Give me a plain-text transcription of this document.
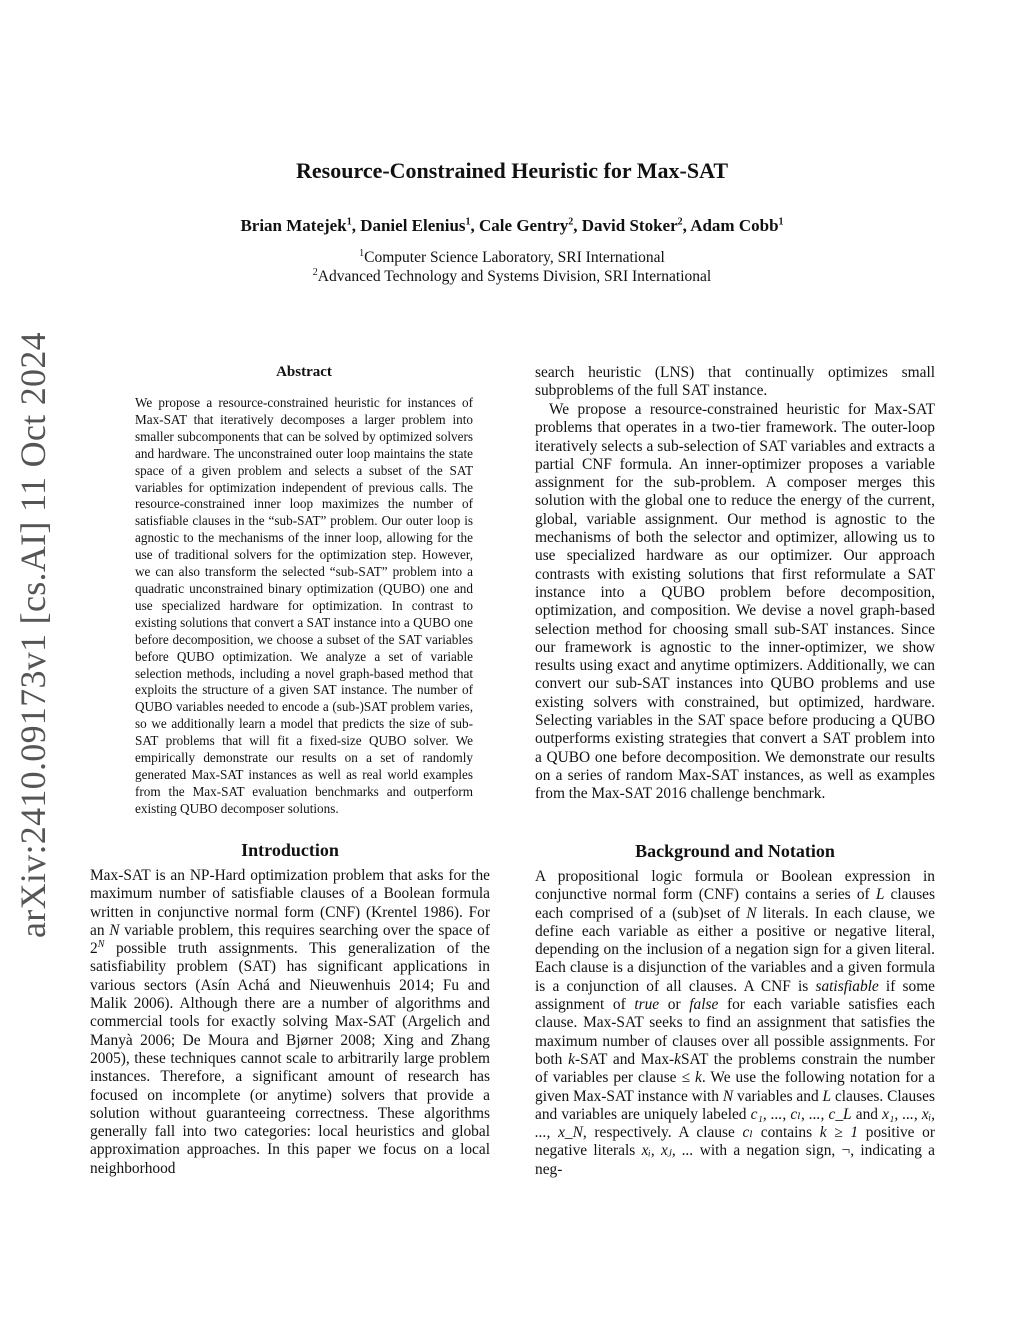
Resource-Constrained Heuristic for Max-SAT
Brian Matejek$^1$, Daniel Elenius$^1$, Cale Gentry$^2$, David Stoker$^2$, Adam Cobb$^1$
$^1$Computer Science Laboratory, SRI International
$^2$Advanced Technology and Systems Division, SRI International
arXiv:2410.09173v1 [cs.AI] 11 Oct 2024	Abstract

We propose a resource-constrained heuristic for instances of Max-SAT that iteratively decomposes a larger problem into smaller subcomponents that can be solved by optimized solvers and hardware. The unconstrained outer loop maintains the state space of a given problem and selects a subset of the SAT variables for optimization independent of previous calls. The resource-constrained inner loop maximizes the number of satisfiable clauses in the “sub-SAT” problem. Our outer loop is agnostic to the mechanisms of the inner loop, allowing for the use of traditional solvers for the optimization step. However, we can also transform the selected “sub-SAT” problem into a quadratic unconstrained binary optimization (QUBO) one and use specialized hardware for optimization. In contrast to existing solutions that convert a SAT instance into a QUBO one before decomposition, we choose a subset of the SAT variables before QUBO optimization. We analyze a set of variable selection methods, including a novel graph-based method that exploits the structure of a given SAT instance. The number of QUBO variables needed to encode a (sub-)SAT problem varies, so we additionally learn a model that predicts the size of sub-SAT problems that will fit a fixed-size QUBO solver. We empirically demonstrate our results on a set of randomly generated Max-SAT instances as well as real world examples from the Max-SAT evaluation benchmarks and outperform existing QUBO decomposer solutions.

Introduction

Max-SAT is an NP-Hard optimization problem that asks for the maximum number of satisfiable clauses of a Boolean formula written in conjunctive normal form (CNF) (Krentel 1986). For an N variable problem, this requires searching over the space of $2^N$ possible truth assignments. This generalization of the satisfiability problem (SAT) has significant applications in various sectors (Asín Achá and Nieuwenhuis 2014; Fu and Malik 2006). Although there are a number of algorithms and commercial tools for exactly solving Max-SAT (Argelich and Manyà 2006; De Moura and Bjørner 2008; Xing and Zhang 2005), these techniques cannot scale to arbitrarily large problem instances. Therefore, a significant amount of research has focused on incomplete (or anytime) solvers that provide a solution without guaranteeing correctness. These algorithms generally fall into two categories: local heuristics and global approximation approaches. In this paper we focus on a local neighborhood

search heuristic (LNS) that continually optimizes small subproblems of the full SAT instance.

We propose a resource-constrained heuristic for Max-SAT problems that operates in a two-tier framework. The outer-loop iteratively selects a sub-selection of SAT variables and extracts a partial CNF formula. An inner-optimizer proposes a variable assignment for the sub-problem. A composer merges this solution with the global one to reduce the energy of the current, global, variable assignment. Our method is agnostic to the mechanisms of both the selector and optimizer, allowing us to use specialized hardware as our optimizer. Our approach contrasts with existing solutions that first reformulate a SAT instance into a QUBO problem before decomposition, optimization, and composition. We devise a novel graph-based selection method for choosing small sub-SAT instances. Since our framework is agnostic to the inner-optimizer, we show results using exact and anytime optimizers. Additionally, we can convert our sub-SAT instances into QUBO problems and use existing solvers with constrained, but optimized, hardware. Selecting variables in the SAT space before producing a QUBO outperforms existing strategies that convert a SAT problem into a QUBO one before decomposition. We demonstrate our results on a series of random Max-SAT instances, as well as examples from the Max-SAT 2016 challenge benchmark.

Background and Notation

A propositional logic formula or Boolean expression in conjunctive normal form (CNF) contains a series of L clauses each comprised of a (sub)set of N literals. In each clause, we define each variable as either a positive or negative literal, depending on the inclusion of a negation sign for a given literal. Each clause is a disjunction of the variables and a given formula is a conjunction of all clauses. A CNF is satisfiable if some assignment of true or false for each variable satisfies each clause. Max-SAT seeks to find an assignment that satisfies the maximum number of clauses over all possible assignments. For both k-SAT and Max-kSAT the problems constrain the number of variables per clause ≤ k. We use the following notation for a given Max-SAT instance with N variables and L clauses. Clauses and variables are uniquely labeled c₁, ..., cₗ, ..., c_L and x₁, ..., xᵢ, ..., x_N, respectively. A clause cₗ contains k ≥ 1 positive or negative literals xᵢ, xⱼ, ... with a negation sign, ¬, indicating a neg-
